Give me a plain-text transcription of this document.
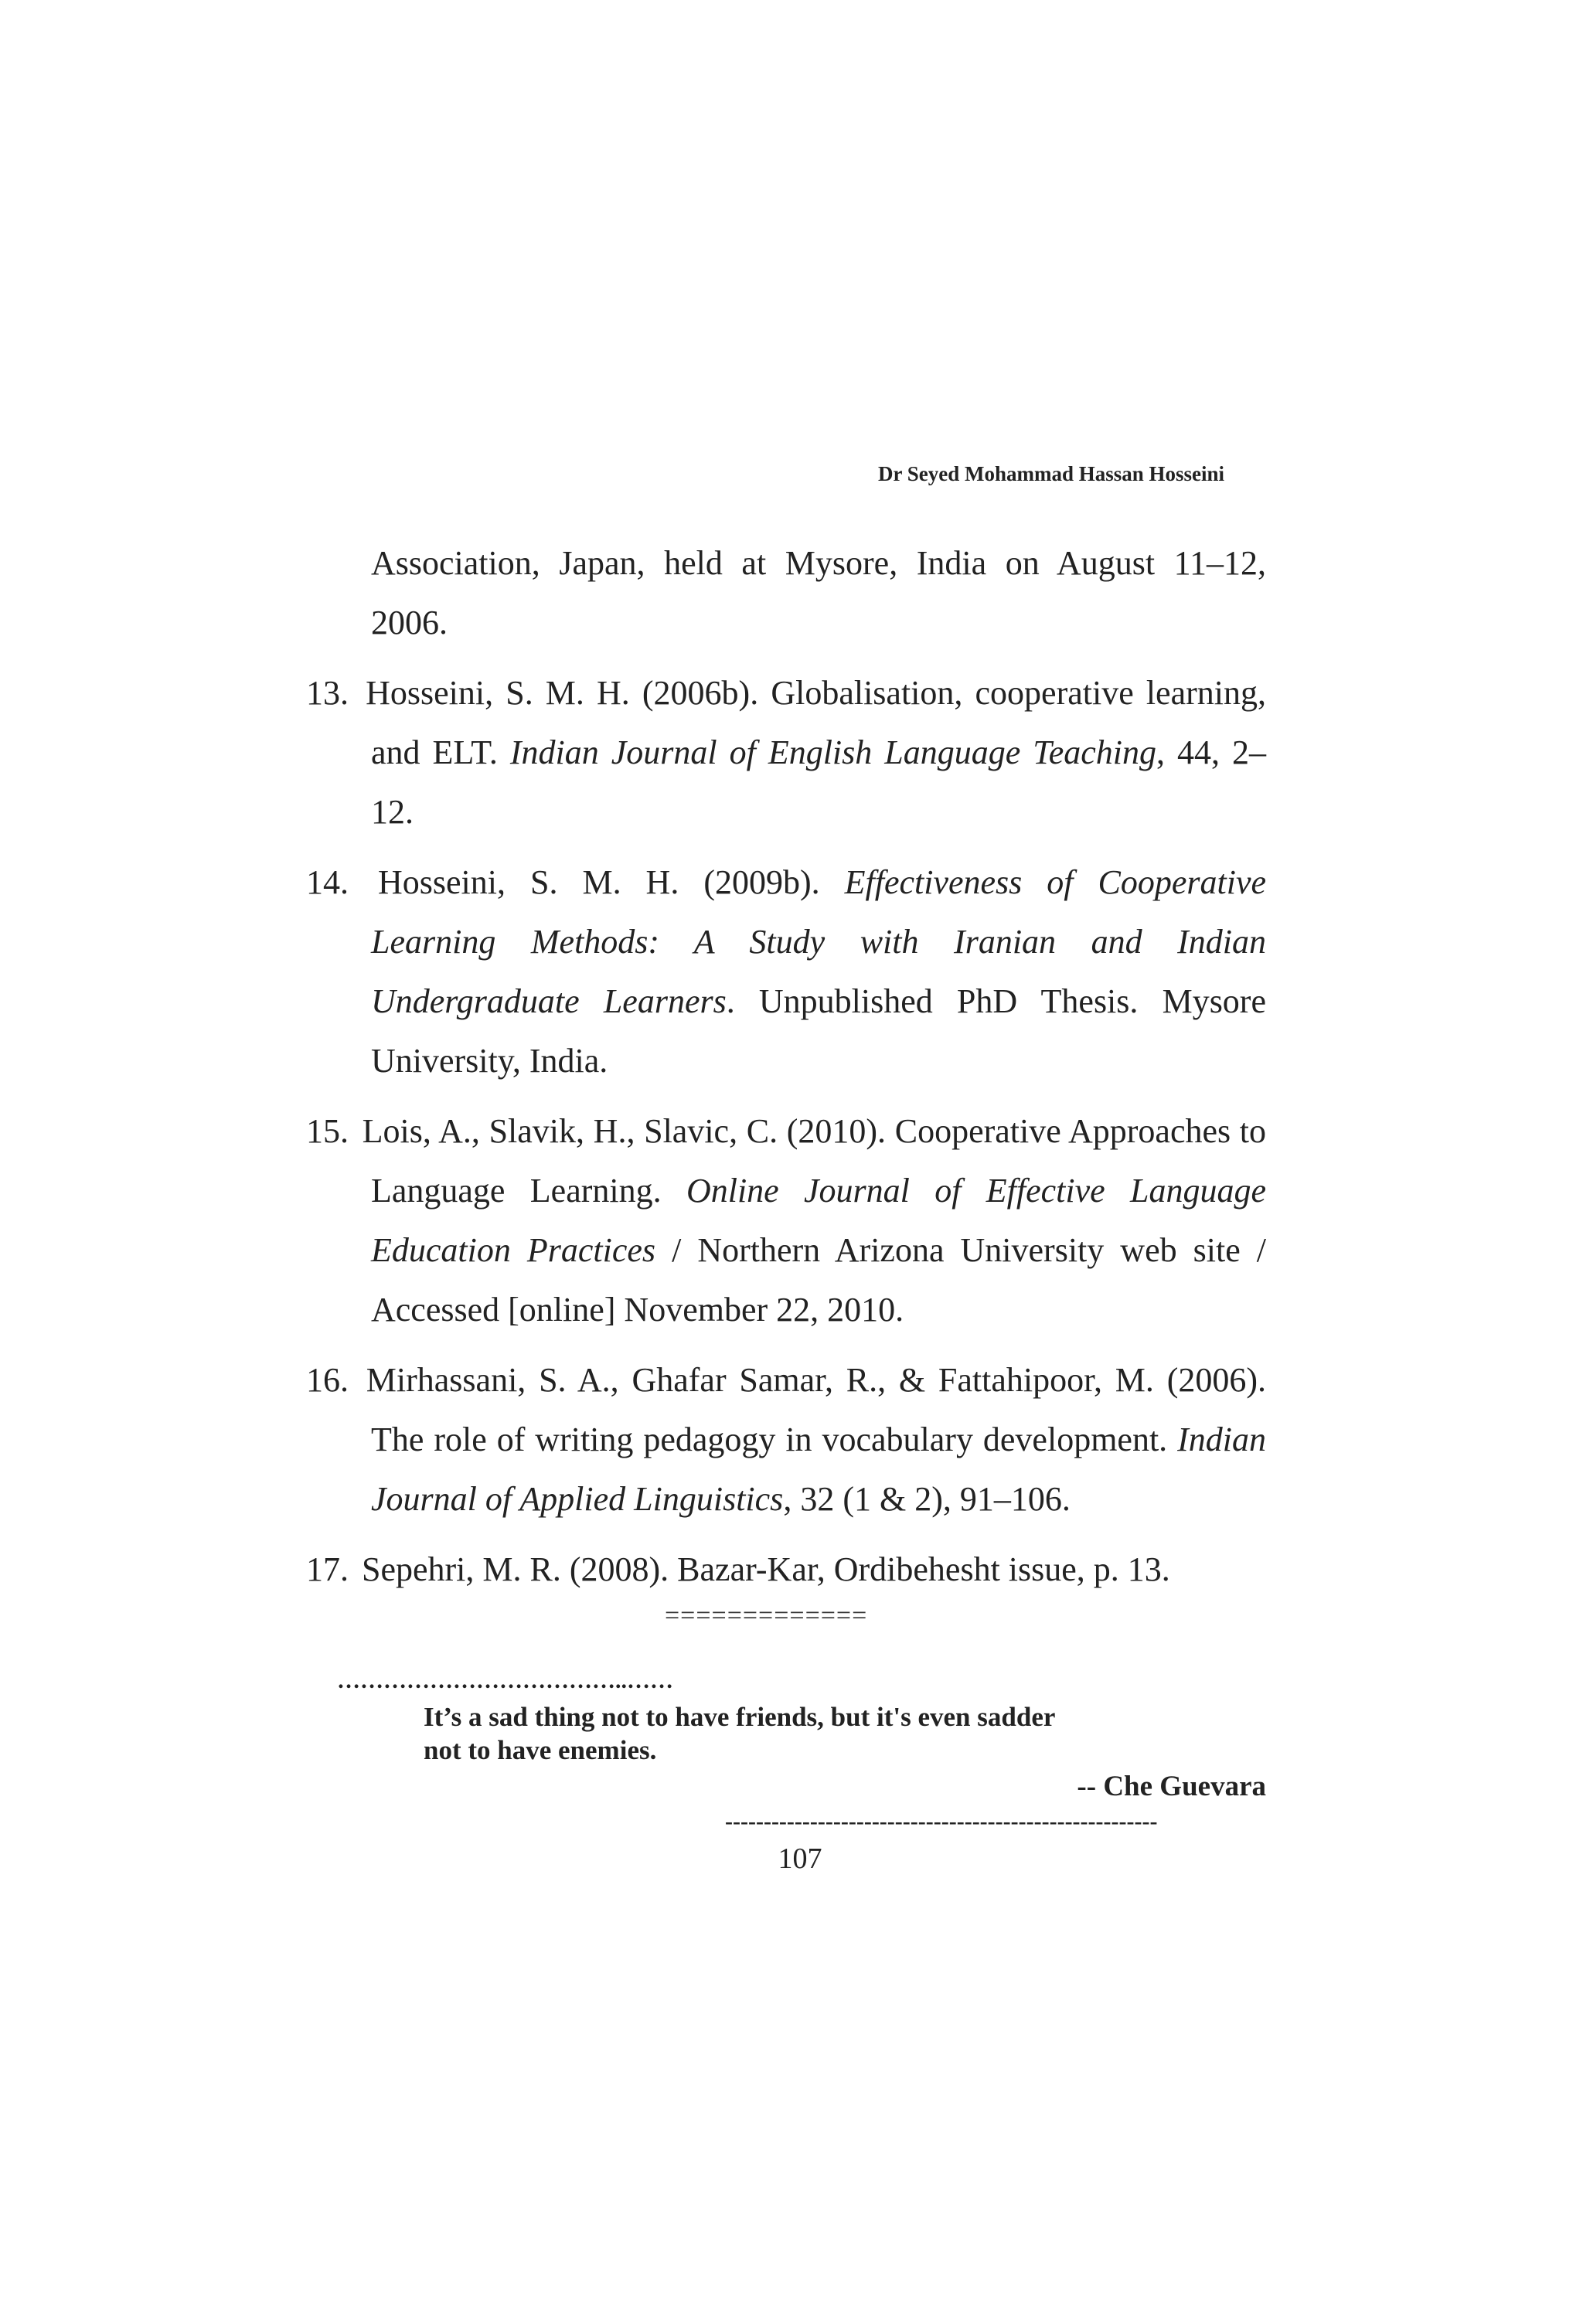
Dr Seyed Mohammad Hassan Hosseini

Association, Japan, held at Mysore, India on August 11–12, 2006.

13. Hosseini, S. M. H. (2006b). Globalisation, cooperative learning, and ELT. Indian Journal of English Language Teaching, 44, 2–12.

14. Hosseini, S. M. H. (2009b). Effectiveness of Cooperative Learning Methods: A Study with Iranian and Indian Undergraduate Learners. Unpublished PhD Thesis. Mysore University, India.

15. Lois, A., Slavik, H., Slavic, C. (2010). Cooperative Approaches to Language Learning. Online Journal of Effective Language Education Practices / Northern Arizona University web site / Accessed [online] November 22, 2010.

16. Mirhassani, S. A., Ghafar Samar, R., & Fattahipoor, M. (2006). The role of writing pedagogy in vocabulary development. Indian Journal of Applied Linguistics, 32 (1 & 2), 91–106.

17. Sepehri, M. R. (2008). Bazar-Kar, Ordibehesht issue, p. 13.

=============
………………………………..……
It’s a sad thing not to have friends, but it's even sadder
not to have enemies.
-- Che Guevara
--------------------------------------------------------
107
